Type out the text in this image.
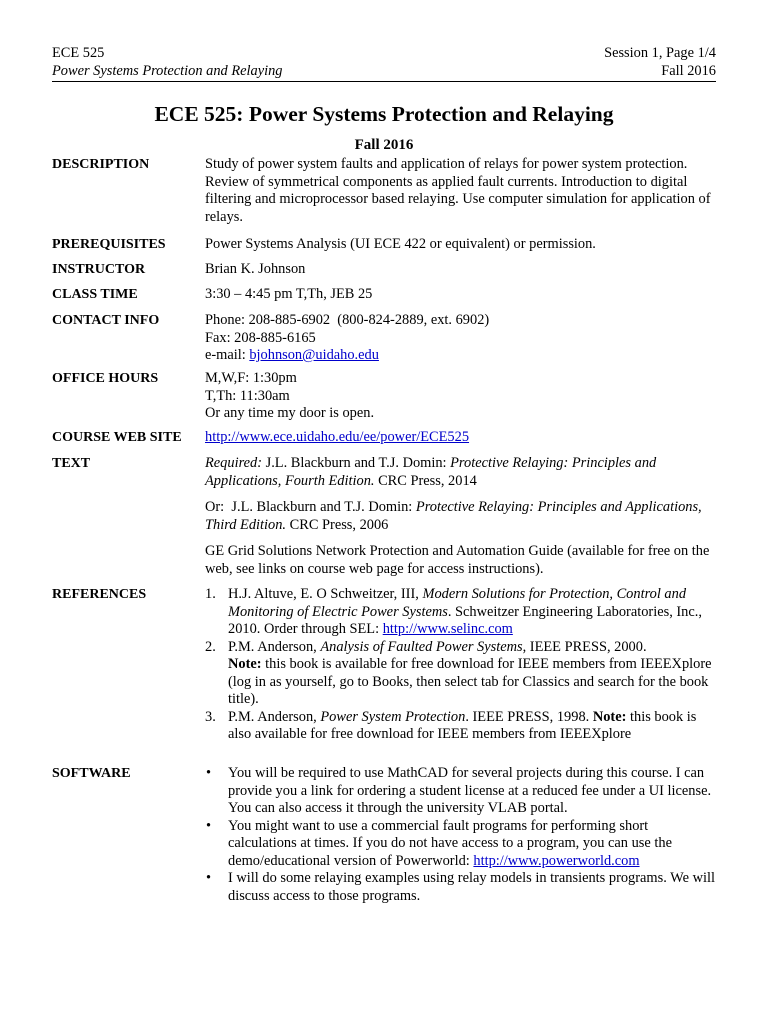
ECE 525	Session 1, Page 1/4
Power Systems Protection and Relaying	Fall 2016
ECE 525: Power Systems Protection and Relaying
Fall 2016
DESCRIPTION	Study of power system faults and application of relays for power system protection. Review of symmetrical components as applied fault currents. Introduction to digital filtering and microprocessor based relaying. Use computer simulation for application of relays.

PREREQUISITES	Power Systems Analysis (UI ECE 422 or equivalent) or permission.

INSTRUCTOR	Brian K. Johnson

CLASS TIME	3:30 – 4:45 pm T,Th, JEB 25

CONTACT INFO	Phone: 208-885-6902  (800-824-2889, ext. 6902)

Fax: 208-885-6165

e-mail: bjohnson@uidaho.edu

OFFICE HOURS	M,W,F: 1:30pm

T,Th: 11:30am

Or any time my door is open.

COURSE WEB SITE	http://www.ece.uidaho.edu/ee/power/ECE525

TEXT	Required: J.L. Blackburn and T.J. Domin: Protective Relaying: Principles and Applications, Fourth Edition. CRC Press, 2014

Or:  J.L. Blackburn and T.J. Domin: Protective Relaying: Principles and Applications, Third Edition. CRC Press, 2006

GE Grid Solutions Network Protection and Automation Guide (available for free on the web, see links on course web page for access instructions).

REFERENCES	1. H.J. Altuve, E. O Schweitzer, III, Modern Solutions for Protection, Control and Monitoring of Electric Power Systems. Schweitzer Engineering Laboratories, Inc., 2010. Order through SEL: http://www.selinc.com
2. P.M. Anderson, Analysis of Faulted Power Systems, IEEE PRESS, 2000.
Note: this book is available for free download for IEEE members from IEEEXplore (log in as yourself, go to Books, then select tab for Classics and search for the book title).
3. P.M. Anderson, Power System Protection. IEEE PRESS, 1998. Note: this book is also available for free download for IEEE members from IEEEXplore
SOFTWARE	• You will be required to use MathCAD for several projects during this course. I can provide you a link for ordering a student license at a reduced fee under a UI license. You can also access it through the university VLAB portal.
• You might want to use a commercial fault programs for performing short calculations at times. If you do not have access to a program, you can use the demo/educational version of Powerworld: http://www.powerworld.com
• I will do some relaying examples using relay models in transients programs. We will discuss access to those programs.
